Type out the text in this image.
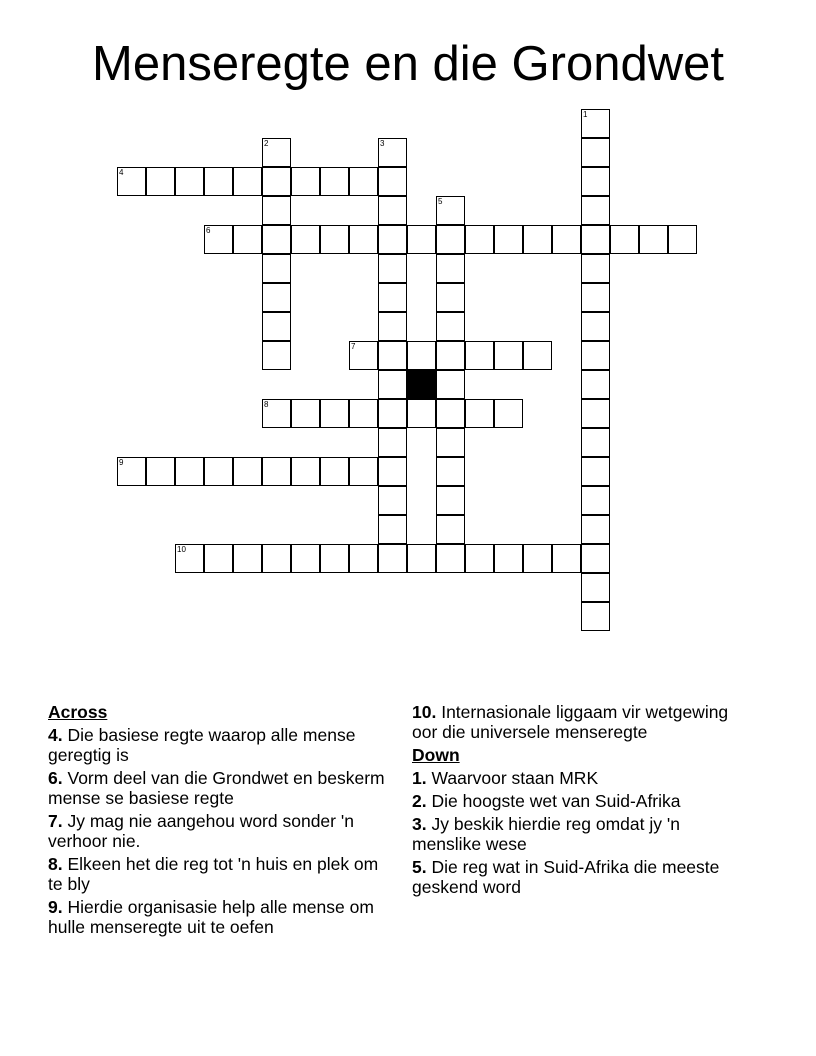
Menseregte en die Grondwet
4
6
7
8
9
10
1
2	3
5
Across
4. Die basiese regte waarop alle mense geregtig is
6. Vorm deel van die Grondwet en beskerm mense se basiese regte
7. Jy mag nie aangehou word sonder 'n verhoor nie.
8. Elkeen het die reg tot 'n huis en plek om te bly
9. Hierdie organisasie help alle mense om hulle menseregte uit te oefen
10. Internasionale liggaam vir wetgewing oor die universele menseregte
Down
1. Waarvoor staan MRK
2. Die hoogste wet van Suid-Afrika
3. Jy beskik hierdie reg omdat jy 'n menslike wese
5. Die reg wat in Suid-Afrika die meeste geskend word
